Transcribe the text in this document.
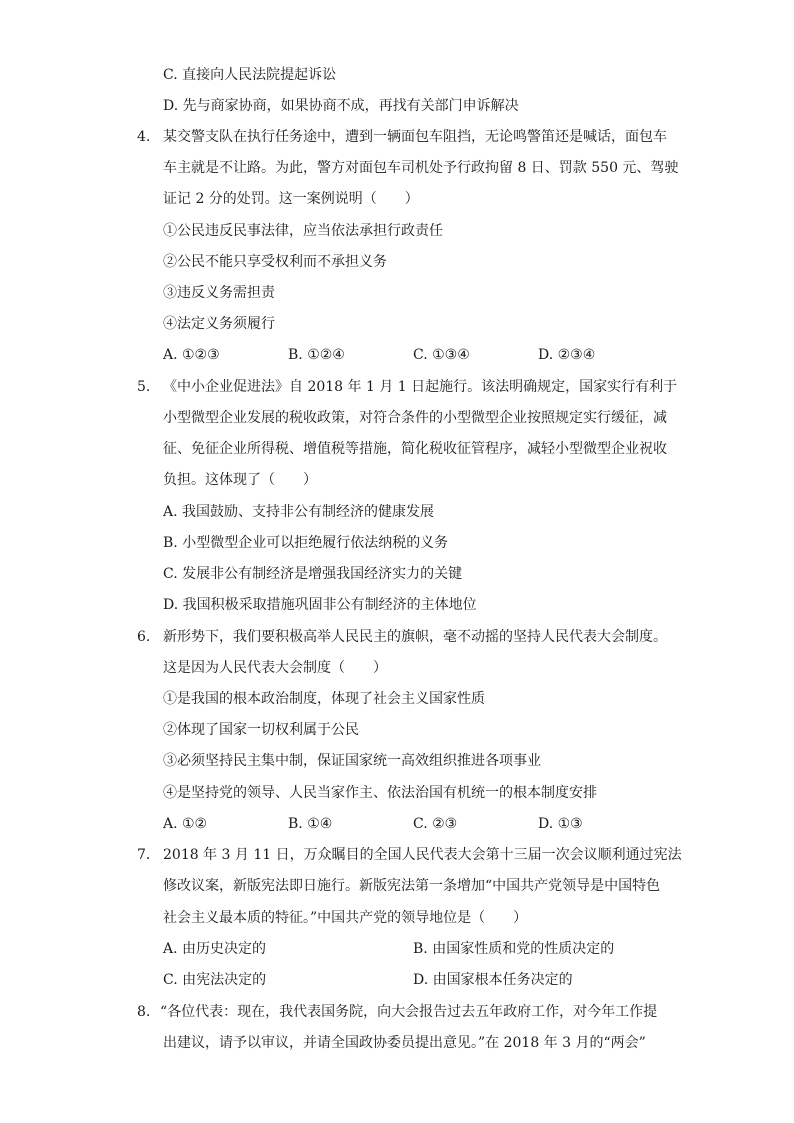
C. 直接向人民法院提起诉讼
D. 先与商家协商，如果协商不成，再找有关部门申诉解决
4. 某交警支队在执行任务途中，遭到一辆面包车阻挡，无论鸣警笛还是喊话，面包车
车主就是不让路。为此，警方对面包车司机处予行政拘留 8 日、罚款 550 元、驾驶
证记 2 分的处罚。这一案例说明（　　）
①公民违反民事法律，应当依法承担行政责任
②公民不能只享受权利而不承担义务
③违反义务需担责
④法定义务须履行
A. ①②③	B. ①②④	C. ①③④	D. ②③④
5. 《中小企业促进法》自 2018 年 1 月 1 日起施行。该法明确规定，国家实行有利于
小型微型企业发展的税收政策，对符合条件的小型微型企业按照规定实行缓征，减
征、免征企业所得税、增值税等措施，简化税收征管程序，减轻小型微型企业祝收
负担。这体现了（　　）
A. 我国鼓励、支持非公有制经济的健康发展
B. 小型微型企业可以拒绝履行依法纳税的义务
C. 发展非公有制经济是增强我国经济实力的关键
D. 我国积极采取措施巩固非公有制经济的主体地位
6. 新形势下，我们要积极高举人民民主的旗帜，毫不动摇的坚持人民代表大会制度。
这是因为人民代表大会制度（　　）
①是我国的根本政治制度，体现了社会主义国家性质
②体现了国家一切权利属于公民
③必须坚持民主集中制，保证国家统一高效组织推进各项事业
④是坚持党的领导、人民当家作主、依法治国有机统一的根本制度安排
A. ①②	B. ①④	C. ②③	D. ①③
7. 2018 年 3 月 11 日，万众瞩目的全国人民代表大会第十三届一次会议顺利通过宪法
修改议案，新版宪法即日施行。新版宪法第一条增加“中国共产党领导是中国特色
社会主义最本质的特征。”中国共产党的领导地位是（　　）
A. 由历史决定的	B. 由国家性质和党的性质决定的
C. 由宪法决定的	D. 由国家根本任务决定的
8. “各位代表：现在，我代表国务院，向大会报告过去五年政府工作，对今年工作提
出建议，请予以审议，并请全国政协委员提出意见。”在 2018 年 3 月的“两会”
